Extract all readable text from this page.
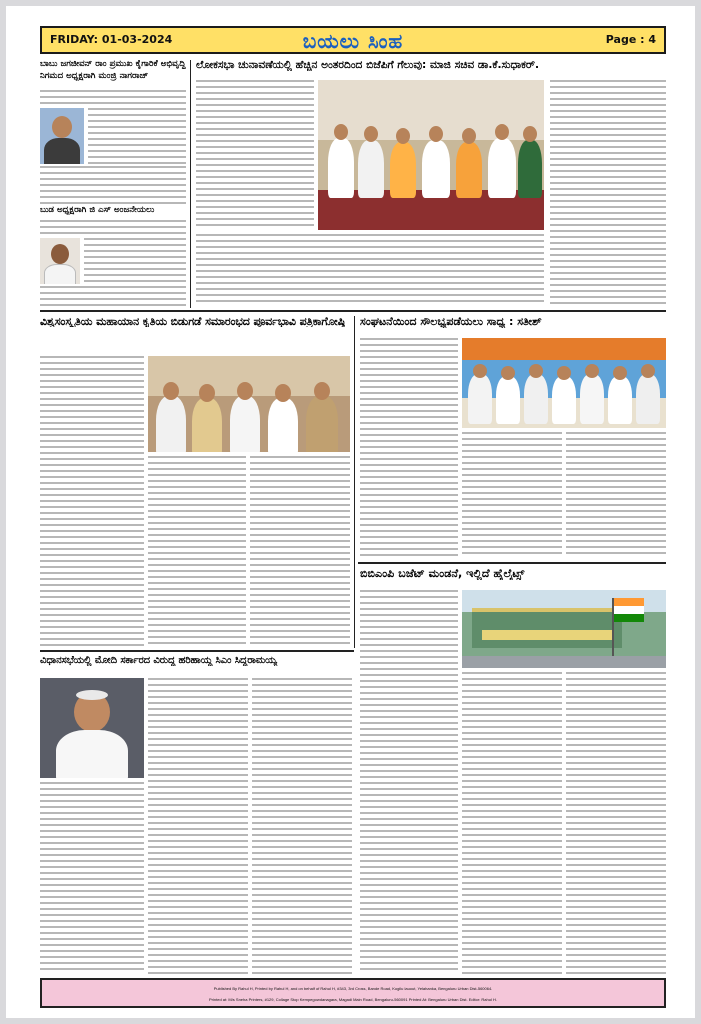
FRIDAY: 01-03-2024	ಬಯಲು ಸಿಂಹ	Page : 4
ಬಾಬು ಜಗಜೀವನ್ ರಾಂ ಪ್ರಮುಖ ಕೈಗಾರಿಕೆ ಅಭಿವೃದ್ಧಿ
ನಿಗಮದ ಅಧ್ಯಕ್ಷರಾಗಿ ಮಂಜ್ರಿ ನಾಗರಾಜ್
ಬುಡ ಅಧ್ಯಕ್ಷರಾಗಿ ಜಿ ಎಸ್ ಅಂಜನೇಯಲು
ಲೋಕಸಭಾ ಚುನಾವಣೆಯಲ್ಲಿ ಹೆಚ್ಚಿನ ಅಂತರದಿಂದ ಬಿಜೆಪಿಗೆ ಗೆಲುವು: ಮಾಜಿ ಸಚಿವ ಡಾ.ಕೆ.ಸುಧಾಕರ್.
ವಿಶ್ವಸಂಸ್ಕೃತಿಯ ಮಹಾಯಾನ ಕೃತಿಯ ಬಿಡುಗಡೆ ಸಮಾರಂಭದ ಪೂರ್ವಭಾವಿ ಪತ್ರಿಕಾಗೋಷ್ಠಿ	ಸಂಘಟನೆಯಿಂದ ಸೌಲಭ್ಯಪಡೆಯಲು ಸಾಧ್ಯ : ಸತೀಶ್
ಬಿಬಿಎಂಪಿ ಬಜೆಟ್ ಮಂಡನೆ, ಇಲ್ಲಿದೆ ಹೈಲೈಟ್ಸ್
ವಿಧಾನಸಭೆಯಲ್ಲಿ ಮೋದಿ ಸರ್ಕಾರದ ವಿರುದ್ಧ ಹರಿಹಾಯ್ದ ಸಿಎಂ ಸಿದ್ದರಾಮಯ್ಯ
Published By Rahul H, Printed by Rahul H, and on behalf of Rahul H, #343, 3rd Cross, Bande Road, Kogilu lauout, Yelahanka, Bengaluru Urban Dist-560064.
Printed at: M/s Sneha Printers, #129, Collage Stop Kempegowdanagara, Magadi Main Road, Bengaluru-560091 Printed At: Bengaluru Urban Dist. Editor: Rahul H.
